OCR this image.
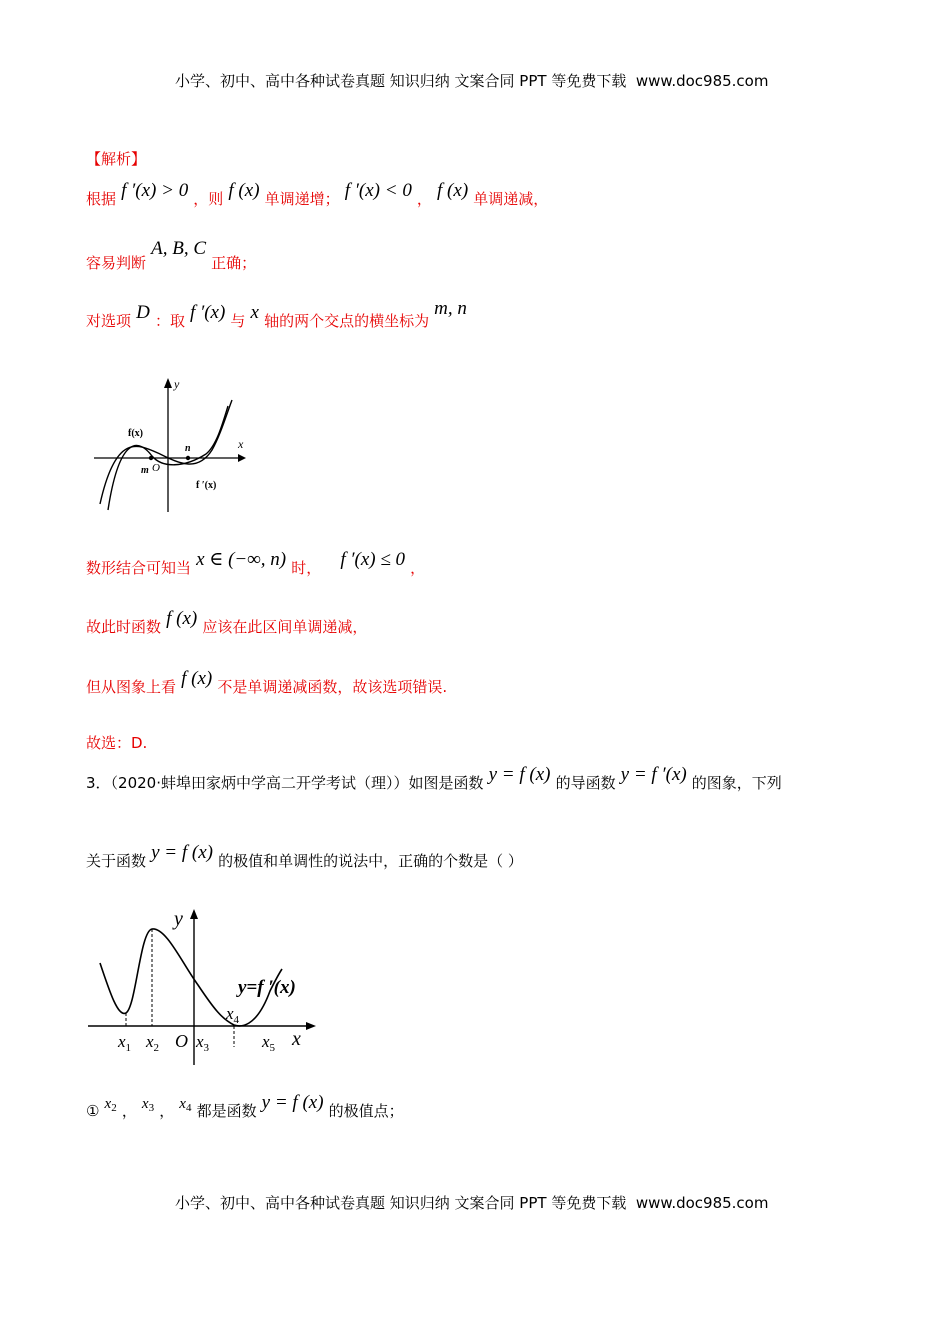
小学、初中、高中各种试卷真题 知识归纳 文案合同 PPT 等免费下载 www.doc985.com
【解析】
根据 f ′(x) > 0 ，则 f (x) 单调递增； f ′(x) < 0 ， f (x) 单调递减，
容易判断 A, B, C 正确；
对选项 D ：取 f ′(x) 与 x 轴的两个交点的横坐标为 m, n
y
x
f(x)
f ′(x)
m O
n
数形结合可知当 x ∈ (−∞, n) 时， f ′(x) ≤ 0 ，
故此时函数 f (x) 应该在此区间单调递减，
但从图象上看 f (x) 不是单调递减函数，故该选项错误.
故选：D.
3．（2020·蚌埠田家炳中学高二开学考试（理））如图是函数 y = f (x) 的导函数 y = f ′(x) 的图象，下列
关于函数 y = f (x) 的极值和单调性的说法中，正确的个数是（ ）
y
x
y=f ′(x)
$x_1$ $x_2$ O $x_3$
$x_4$
$x_5$
① $x_2$ ， $x_3$ ， $x_4$ 都是函数 y = f (x) 的极值点；
小学、初中、高中各种试卷真题 知识归纳 文案合同 PPT 等免费下载 www.doc985.com
